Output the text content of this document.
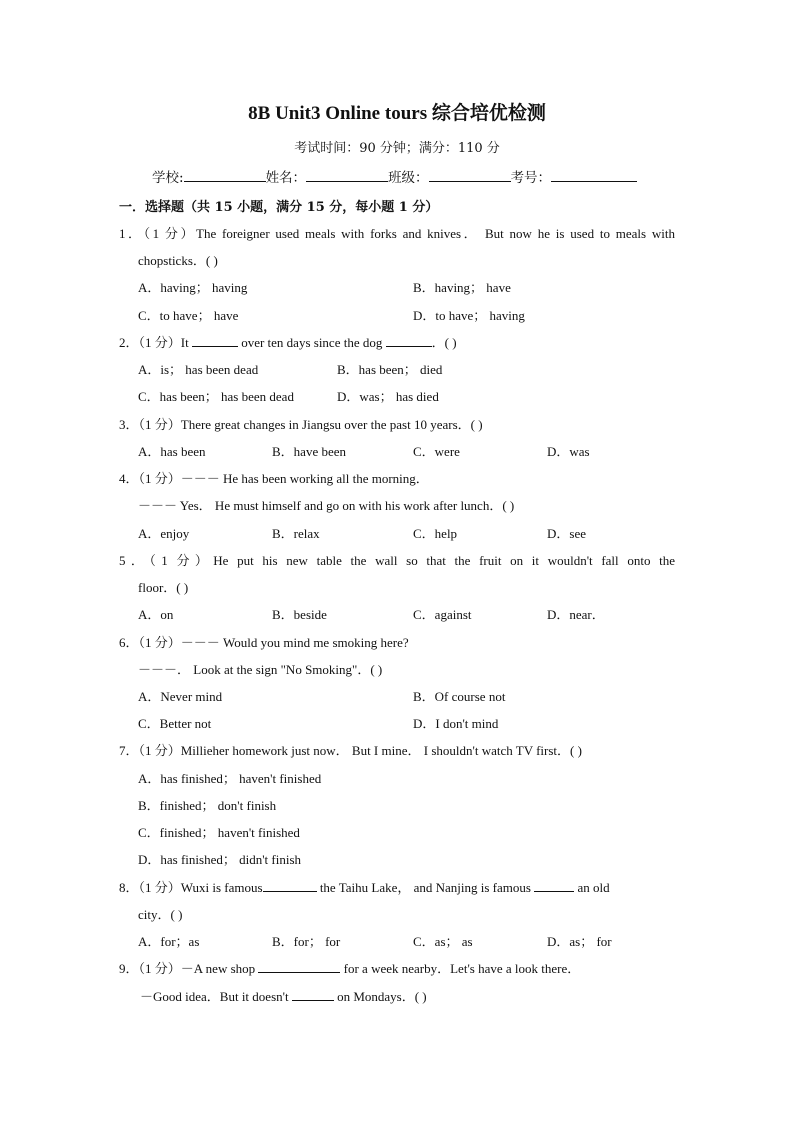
8B Unit3 Online tours 综合培优检测
考试时间：90 分钟；满分：110 分
学校:	姓名：	班级：	考号：
一．选择题（共 15 小题，满分 15 分，每小题 1 分）
1．（1 分）The foreigner used meals with forks and knives． But now he is used to meals with
chopsticks．( )
A．having； having	B．having； have
C．to have； have	D．to have； having
2．（1 分）It	over ten days since the dog	．( )
A．is； has been dead	B．has been； died
C．has been； has been dead	D．was； has died
3．（1 分）There great changes in Jiangsu over the past 10 years．( )
A．has been	B．have been	C．were	D．was
4．（1 分）－－－ He has been working all the morning．
－－－ Yes． He must himself and go on with his work after lunch．( )
A．enjoy	B．relax	C．help	D．see
5．（1 分）He put his new table the wall so that the fruit on it wouldn't fall onto the
floor．( )
A．on	B．beside	C．against	D．near．
6．（1 分）－－－ Would you mind me smoking here?
－－－． Look at the sign "No Smoking"．( )
A．Never mind	B．Of course not
C．Better not	D．I don't mind
7．（1 分）Millieher homework just now． But I mine． I shouldn't watch TV first．( )
A．has finished； haven't finished
B．finished； don't finish
C．finished； haven't finished
D．has finished； didn't finish
8．（1 分）Wuxi is famous	the Taihu Lake， and Nanjing is famous	an old
city．( )
A．for；as	B．for； for	C．as； as	D．as； for
9．（1 分）－A new shop	for a week nearby．Let's have a look there．
－Good idea．But it doesn't	on Mondays．( )
